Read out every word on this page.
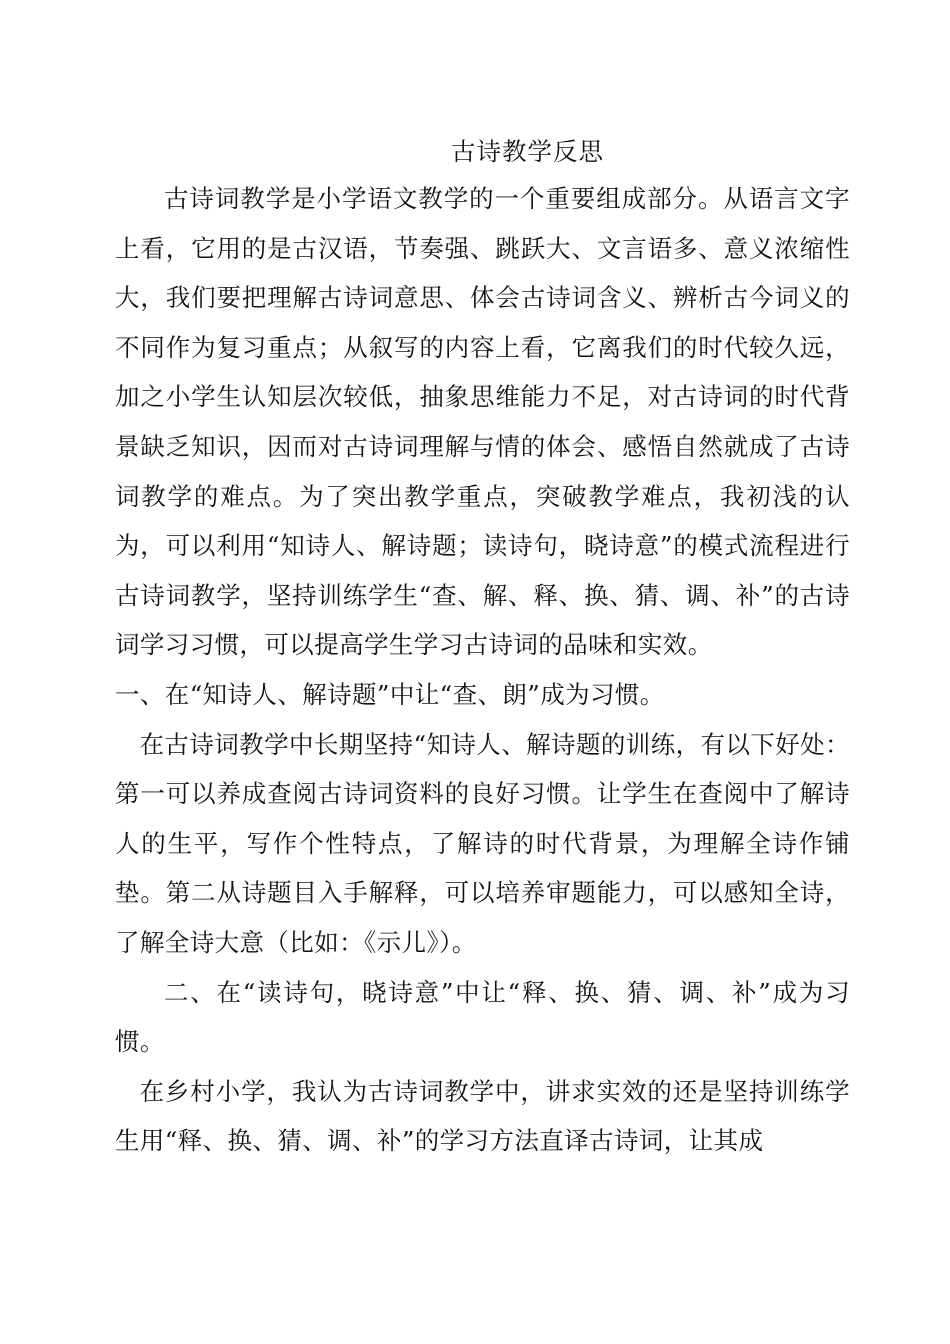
古诗教学反思

古诗词教学是小学语文教学的一个重要组成部分。从语言文字上看，它用的是古汉语，节奏强、跳跃大、文言语多、意义浓缩性大，我们要把理解古诗词意思、体会古诗词含义、辨析古今词义的不同作为复习重点；从叙写的内容上看，它离我们的时代较久远，加之小学生认知层次较低，抽象思维能力不足，对古诗词的时代背景缺乏知识，因而对古诗词理解与情的体会、感悟自然就成了古诗词教学的难点。为了突出教学重点，突破教学难点，我初浅的认为，可以利用“知诗人、解诗题；读诗句，晓诗意”的模式流程进行古诗词教学，坚持训练学生“查、解、释、换、猜、调、补”的古诗词学习习惯，可以提高学生学习古诗词的品味和实效。

一、在“知诗人、解诗题”中让“查、朗”成为习惯。

在古诗词教学中长期坚持“知诗人、解诗题的训练，有以下好处：第一可以养成查阅古诗词资料的良好习惯。让学生在查阅中了解诗人的生平，写作个性特点，了解诗的时代背景，为理解全诗作铺垫。第二从诗题目入手解释，可以培养审题能力，可以感知全诗，了解全诗大意（比如：《示儿》）。

二、在“读诗句，晓诗意”中让“释、换、猜、调、补”成为习惯。

在乡村小学，我认为古诗词教学中，讲求实效的还是坚持训练学生用“释、换、猜、调、补”的学习方法直译古诗词，让其成
